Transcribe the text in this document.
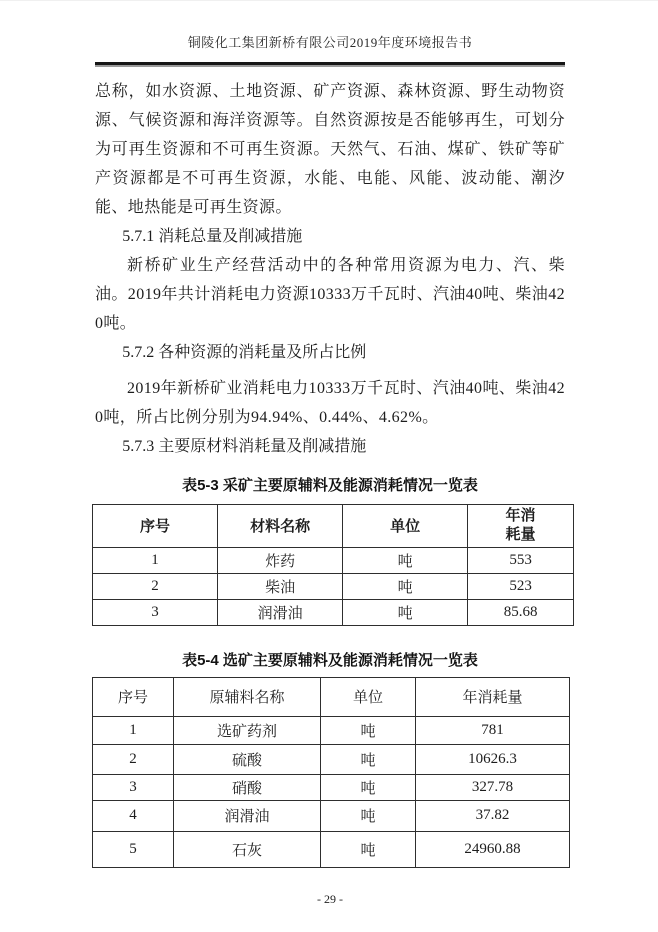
铜陵化工集团新桥有限公司2019年度环境报告书

总称，如水资源、土地资源、矿产资源、森林资源、野生动物资源、气候资源和海洋资源等。自然资源按是否能够再生，可划分为可再生资源和不可再生资源。天然气、石油、煤矿、铁矿等矿产资源都是不可再生资源，水能、电能、风能、波动能、潮汐能、地热能是可再生资源。

5.7.1 消耗总量及削减措施

新桥矿业生产经营活动中的各种常用资源为电力、汽、柴油。2019年共计消耗电力资源10333万千瓦时、汽油40吨、柴油420吨。

5.7.2 各种资源的消耗量及所占比例

2019年新桥矿业消耗电力10333万千瓦时、汽油40吨、柴油420吨，所占比例分别为94.94%、0.44%、4.62%。

5.7.3 主要原材料消耗量及削减措施
表5-3 采矿主要原辅料及能源消耗情况一览表
序号	材料名称	单位	年消耗量
1	炸药	吨	553
2	柴油	吨	523
3	润滑油	吨	85.68
表5-4 选矿主要原辅料及能源消耗情况一览表
序号	原辅料名称	单位	年消耗量
1	选矿药剂	吨	781
2	硫酸	吨	10626.3
3	硝酸	吨	327.78
4	润滑油	吨	37.82
5	石灰	吨	24960.88
- 29 -
